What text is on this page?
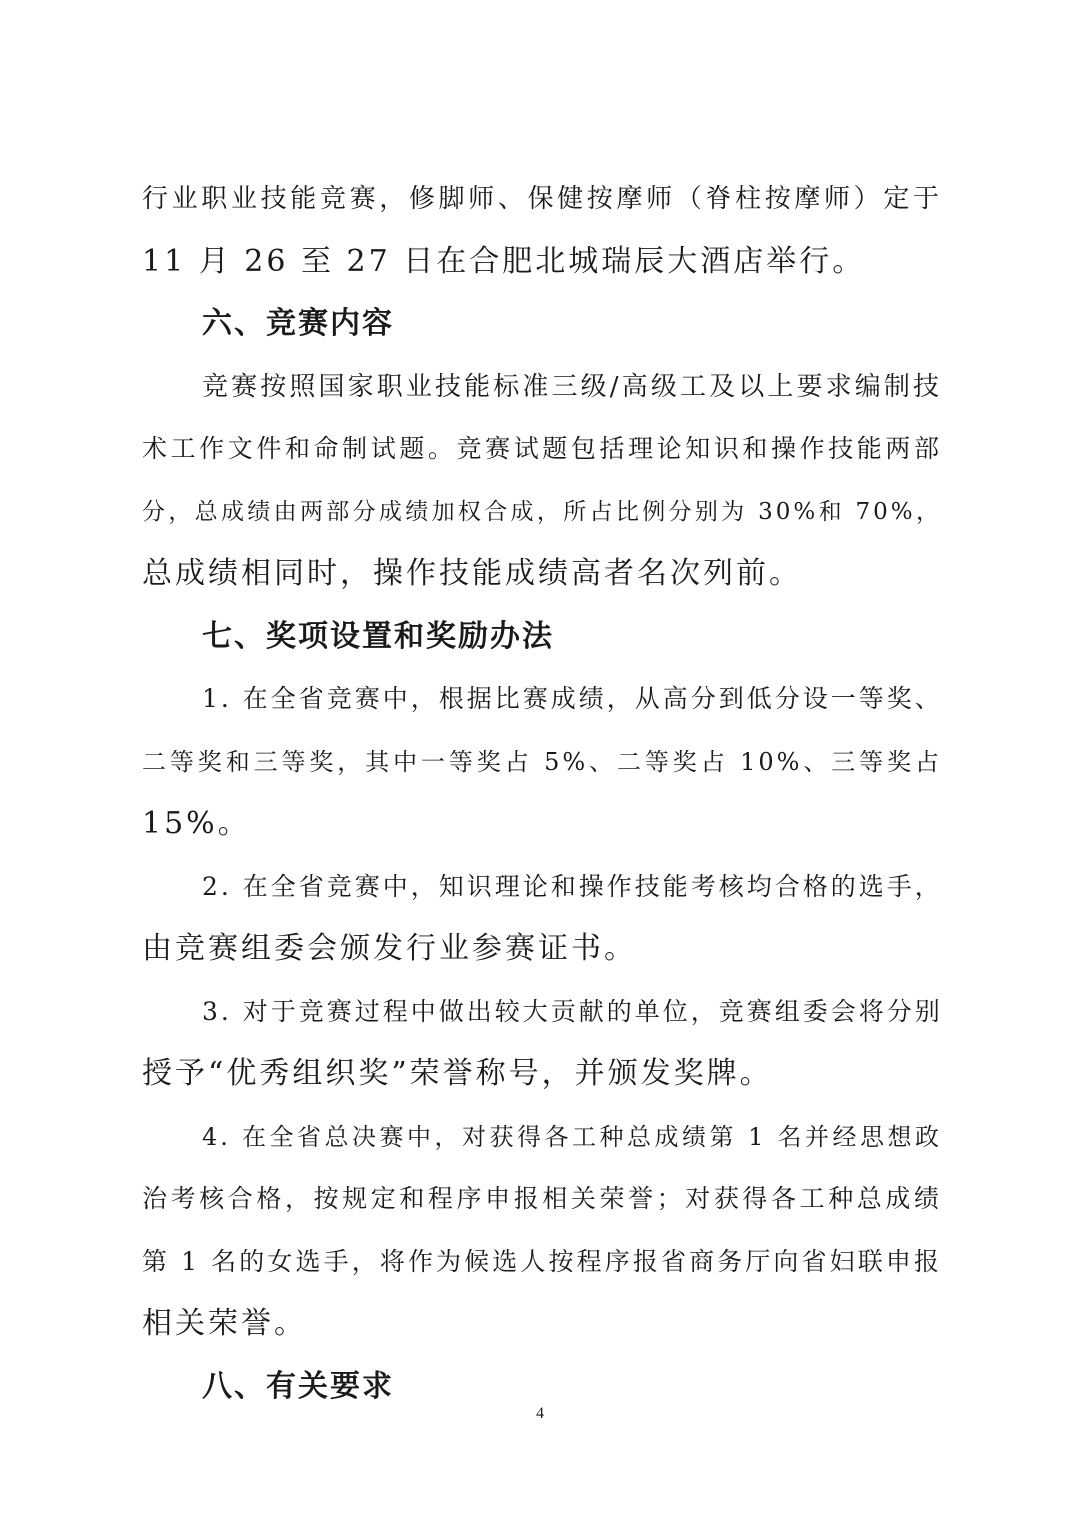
行业职业技能竞赛，修脚师、保健按摩师（脊柱按摩师）定于
11 月 26 至 27 日在合肥北城瑞辰大酒店举行。
六、竞赛内容
竞赛按照国家职业技能标准三级/高级工及以上要求编制技
术工作文件和命制试题。竞赛试题包括理论知识和操作技能两部
分，总成绩由两部分成绩加权合成，所占比例分别为 30%和 70%，
总成绩相同时，操作技能成绩高者名次列前。
七、奖项设置和奖励办法
1. 在全省竞赛中，根据比赛成绩，从高分到低分设一等奖、
二等奖和三等奖，其中一等奖占 5%、二等奖占 10%、三等奖占
15%。
2. 在全省竞赛中，知识理论和操作技能考核均合格的选手，
由竞赛组委会颁发行业参赛证书。
3. 对于竞赛过程中做出较大贡献的单位，竞赛组委会将分别
授予“优秀组织奖”荣誉称号，并颁发奖牌。
4. 在全省总决赛中，对获得各工种总成绩第 1 名并经思想政
治考核合格，按规定和程序申报相关荣誉；对获得各工种总成绩
第 1 名的女选手，将作为候选人按程序报省商务厅向省妇联申报
相关荣誉。
八、有关要求
4
